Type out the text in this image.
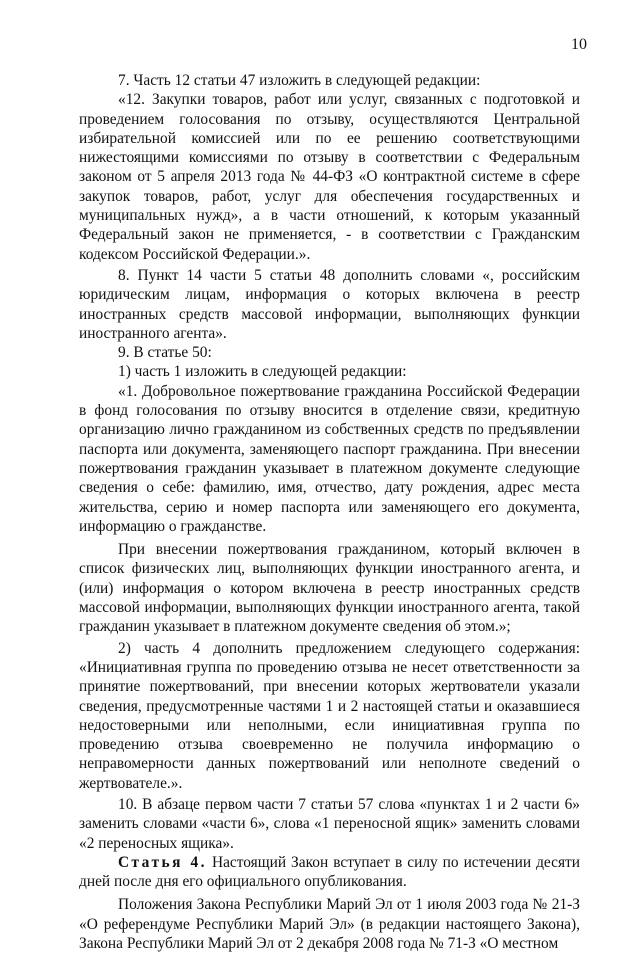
10

7. Часть 12 статьи 47 изложить в следующей редакции:

«12. Закупки товаров, работ или услуг, связанных с подготовкой и проведением голосования по отзыву, осуществляются Центральной избирательной комиссией или по ее решению соответствующими нижестоящими комиссиями по отзыву в соответствии с Федеральным законом от 5 апреля 2013 года № 44-ФЗ «О контрактной системе в сфере закупок товаров, работ, услуг для обеспечения государственных и муниципальных нужд», а в части отношений, к которым указанный Федеральный закон не применяется, - в соответствии с Гражданским кодексом Российской Федерации.».

8. Пункт 14 части 5 статьи 48 дополнить словами «, российским юридическим лицам, информация о которых включена в реестр иностранных средств массовой информации, выполняющих функции иностранного агента».

9. В статье 50:

1) часть 1 изложить в следующей редакции:

«1. Добровольное пожертвование гражданина Российской Федерации в фонд голосования по отзыву вносится в отделение связи, кредитную организацию лично гражданином из собственных средств по предъявлении паспорта или документа, заменяющего паспорт гражданина. При внесении пожертвования гражданин указывает в платежном документе следующие сведения о себе: фамилию, имя, отчество, дату рождения, адрес места жительства, серию и номер паспорта или заменяющего его документа, информацию о гражданстве.

При внесении пожертвования гражданином, который включен в список физических лиц, выполняющих функции иностранного агента, и (или) информация о котором включена в реестр иностранных средств массовой информации, выполняющих функции иностранного агента, такой гражданин указывает в платежном документе сведения об этом.»;

2) часть 4 дополнить предложением следующего содержания: «Инициативная группа по проведению отзыва не несет ответственности за принятие пожертвований, при внесении которых жертвователи указали сведения, предусмотренные частями 1 и 2 настоящей статьи и оказавшиеся недостоверными или неполными, если инициативная группа по проведению отзыва своевременно не получила информацию о неправомерности данных пожертвований или неполноте сведений о жертвователе.».

10. В абзаце первом части 7 статьи 57 слова «пунктах 1 и 2 части 6» заменить словами «части 6», слова «1 переносной ящик» заменить словами «2 переносных ящика».

Статья 4. Настоящий Закон вступает в силу по истечении десяти дней после дня его официального опубликования.

Положения Закона Республики Марий Эл от 1 июля 2003 года № 21-З «О референдуме Республики Марий Эл» (в редакции настоящего Закона), Закона Республики Марий Эл от 2 декабря 2008 года № 71-З «О местном
